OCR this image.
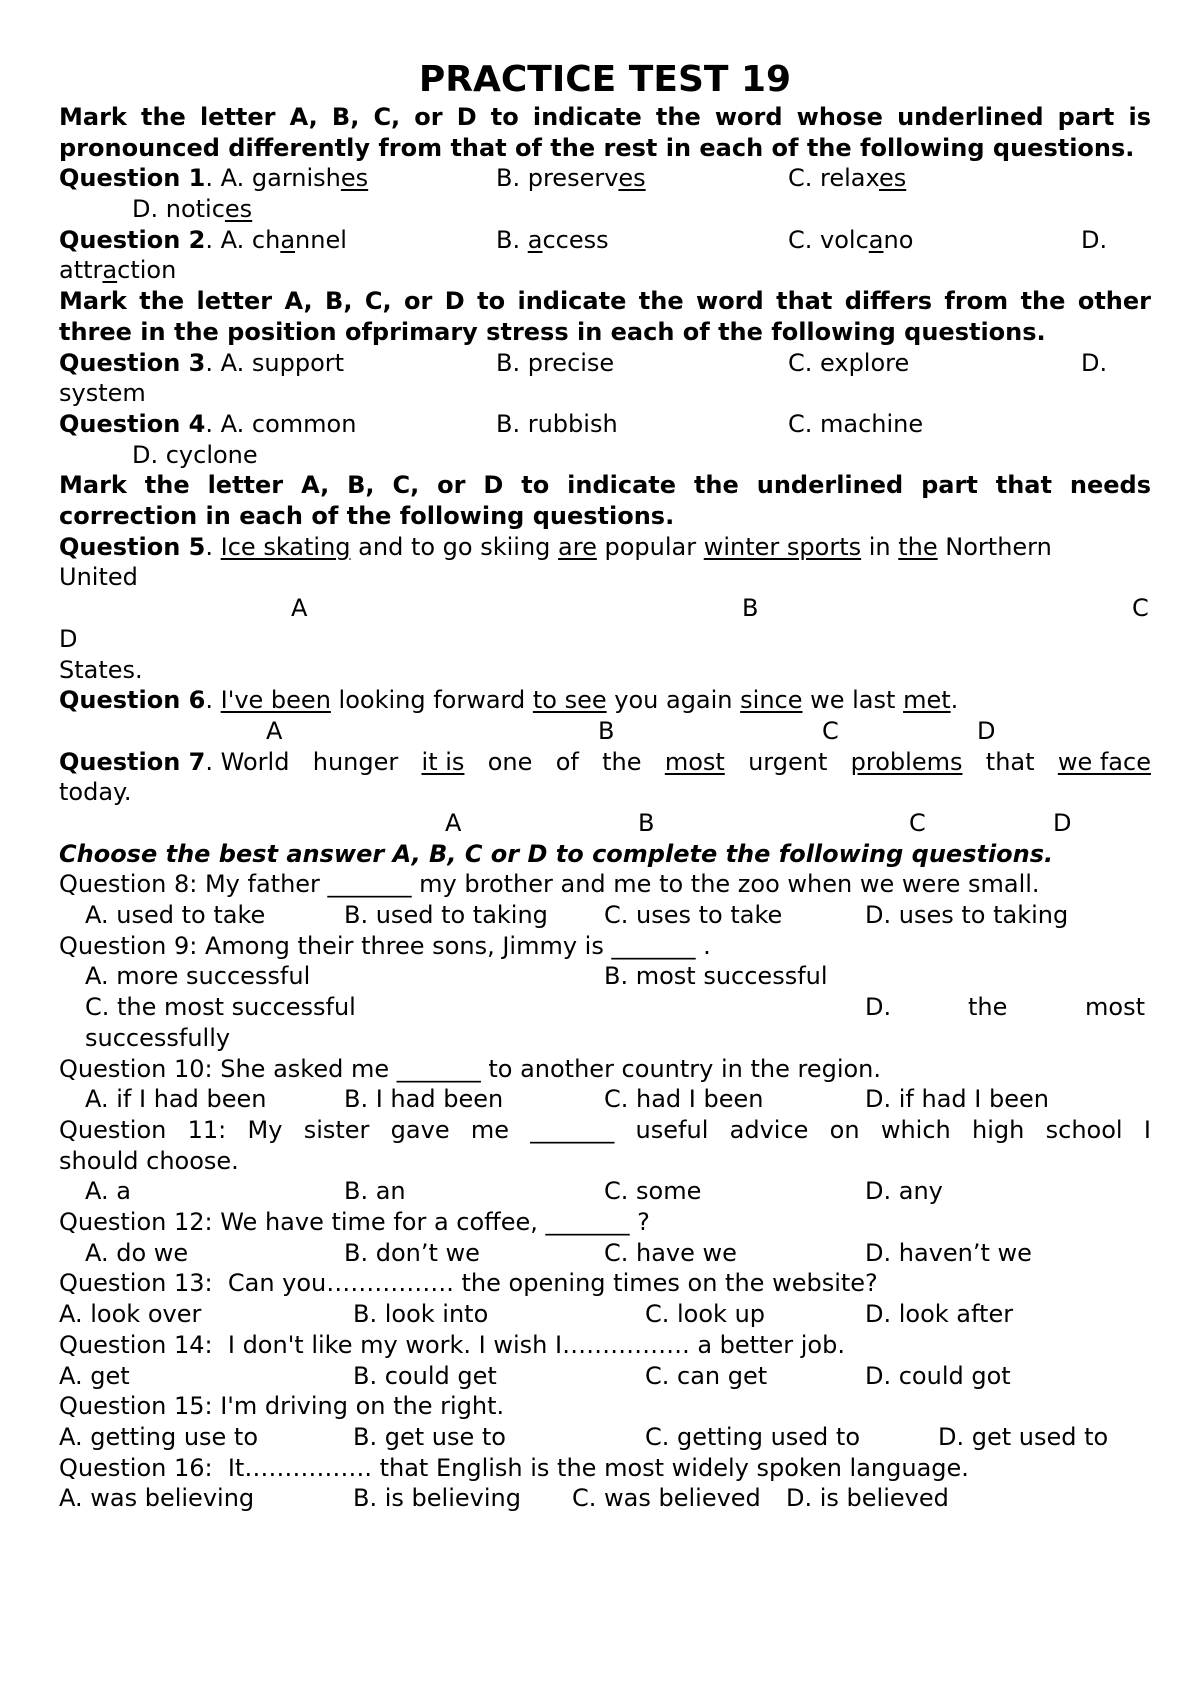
PRACTICE TEST 19
Mark the letter A, B, C, or D to indicate the word whose underlined part is pronounced differently from that of the rest in each of the following questions.
Question 1. A. garnishes	B. preserves	C. relaxes
D. notices
Question 2. A. channel	B. access	C. volcano	D.
attraction
Mark the letter A, B, C, or D to indicate the word that differs from the other three in the position ofprimary stress in each of the following questions.
Question 3. A. support	B. precise	C. explore	D.
system
Question 4. A. common	B. rubbish	C. machine
D. cyclone
Mark the letter A, B, C, or D to indicate the underlined part that needs correction in each of the following questions.
Question 5. Ice skating and to go skiing are popular winter sports in the Northern
United
A	B	C
D
States.
Question 6. I've been looking forward to see you again since we last met.
A	B	C	D
Question 7. World hunger it is one of the most urgent problems that we face
today.
A	B	C	D
Choose the best answer A, B, C or D to complete the following questions.
Question 8: My father _______ my brother and me to the zoo when we were small.
A. used to take	B. used to taking C. uses to take	D. uses to taking
Question 9: Among their three sons, Jimmy is _______ .
A. more successful	B. most successful
C. the most successful	D.	the	most
successfully
Question 10: She asked me _______ to another country in the region.
A. if I had been	B. I had been	C. had I been	D. if had I been
Question 11: My sister gave me _______ useful advice on which high school I
should choose.
A. a	B. an	C. some	D. any
Question 12: We have time for a coffee, _______ ?
A. do we	B. don’t we	C. have we	D. haven’t we
Question 13:  Can you……………. the opening times on the website?
A. look over	B. look into	C. look up	D. look after
Question 14:  I don't like my work. I wish I……………. a better job.
A. get	B. could get	C. can get	D. could got
Question 15: I'm driving on the right.
A. getting use to	B. get use to	C. getting used to	D. get used to
Question 16:  It……………. that English is the most widely spoken language.
A. was believing	B. is believing C. was believed D. is believed
